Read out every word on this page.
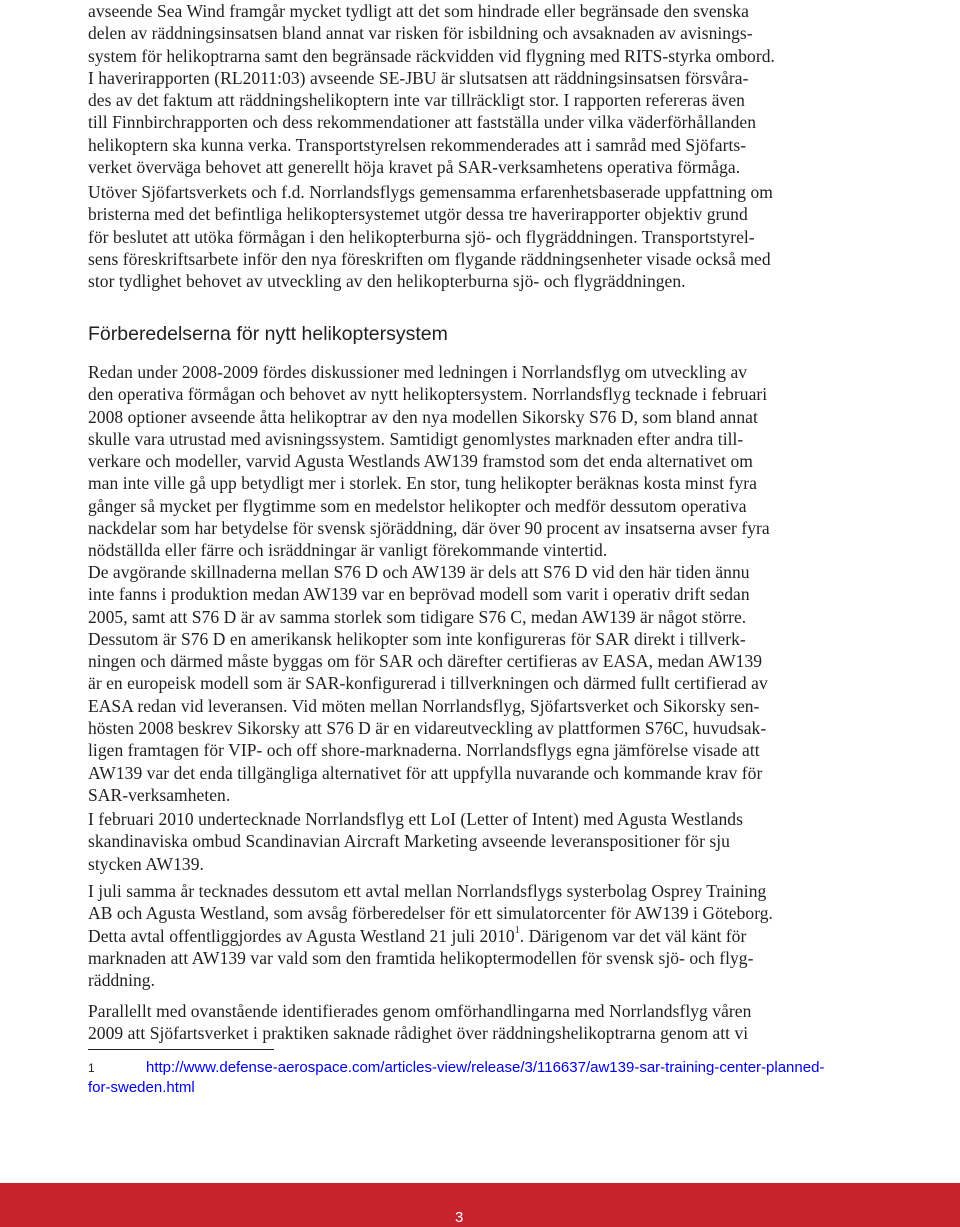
avseende Sea Wind framgår mycket tydligt att det som hindrade eller begränsade den svenska
delen av räddningsinsatsen bland annat var risken för isbildning och avsaknaden av avisnings-
system för helikoptrarna samt den begränsade räckvidden vid flygning med RITS-styrka ombord.
I haverirapporten (RL2011:03) avseende SE-JBU är slutsatsen att räddningsinsatsen försvåra-
des av det faktum att räddningshelikoptern inte var tillräckligt stor. I rapporten refereras även
till Finnbirchrapporten och dess rekommendationer att fastställa under vilka väderförhållanden
helikoptern ska kunna verka. Transportstyrelsen rekommenderades att i samråd med Sjöfarts-
verket överväga behovet att generellt höja kravet på SAR-verksamhetens operativa förmåga.
Utöver Sjöfartsverkets och f.d. Norrlandsflygs gemensamma erfarenhetsbaserade uppfattning om
bristerna med det befintliga helikoptersystemet utgör dessa tre haverirapporter objektiv grund
för beslutet att utöka förmågan i den helikopterburna sjö- och flygräddningen. Transportstyrel-
sens föreskriftsarbete inför den nya föreskriften om flygande räddningsenheter visade också med
stor tydlighet behovet av utveckling av den helikopterburna sjö- och flygräddningen.
Förberedelserna för nytt helikoptersystem
Redan under 2008-2009 fördes diskussioner med ledningen i Norrlandsflyg om utveckling av
den operativa förmågan och behovet av nytt helikoptersystem. Norrlandsflyg tecknade i februari
2008 optioner avseende åtta helikoptrar av den nya modellen Sikorsky S76 D, som bland annat
skulle vara utrustad med avisningssystem. Samtidigt genomlystes marknaden efter andra till-
verkare och modeller, varvid Agusta Westlands AW139 framstod som det enda alternativet om
man inte ville gå upp betydligt mer i storlek. En stor, tung helikopter beräknas kosta minst fyra
gånger så mycket per flygtimme som en medelstor helikopter och medför dessutom operativa
nackdelar som har betydelse för svensk sjöräddning, där över 90 procent av insatserna avser fyra
nödställda eller färre och isräddningar är vanligt förekommande vintertid.
De avgörande skillnaderna mellan S76 D och AW139 är dels att S76 D vid den här tiden ännu
inte fanns i produktion medan AW139 var en beprövad modell som varit i operativ drift sedan
2005, samt att S76 D är av samma storlek som tidigare S76 C, medan AW139 är något större.
Dessutom är S76 D en amerikansk helikopter som inte konfigureras för SAR direkt i tillverk-
ningen och därmed måste byggas om för SAR och därefter certifieras av EASA, medan AW139
är en europeisk modell som är SAR-konfigurerad i tillverkningen och därmed fullt certifierad av
EASA redan vid leveransen. Vid möten mellan Norrlandsflyg, Sjöfartsverket och Sikorsky sen-
hösten 2008 beskrev Sikorsky att S76 D är en vidareutveckling av plattformen S76C, huvudsak-
ligen framtagen för VIP- och off shore-marknaderna. Norrlandsflygs egna jämförelse visade att
AW139 var det enda tillgängliga alternativet för att uppfylla nuvarande och kommande krav för
SAR-verksamheten.
I februari 2010 undertecknade Norrlandsflyg ett LoI (Letter of Intent) med Agusta Westlands
skandinaviska ombud Scandinavian Aircraft Marketing avseende leveranspositioner för sju
stycken AW139.
I juli samma år tecknades dessutom ett avtal mellan Norrlandsflygs systerbolag Osprey Training
AB och Agusta Westland, som avsåg förberedelser för ett simulatorcenter för AW139 i Göteborg.
Detta avtal offentliggjordes av Agusta Westland 21 juli 2010$^1$. Därigenom var det väl känt för
marknaden att AW139 var vald som den framtida helikoptermodellen för svensk sjö- och flyg-
räddning.
Parallellt med ovanstående identifierades genom omförhandlingarna med Norrlandsflyg våren
2009 att Sjöfartsverket i praktiken saknade rådighet över räddningshelikoptrarna genom att vi
1	http://www.defense-aerospace.com/articles-view/release/3/116637/aw139-sar-training-center-planned-
for-sweden.html
3
